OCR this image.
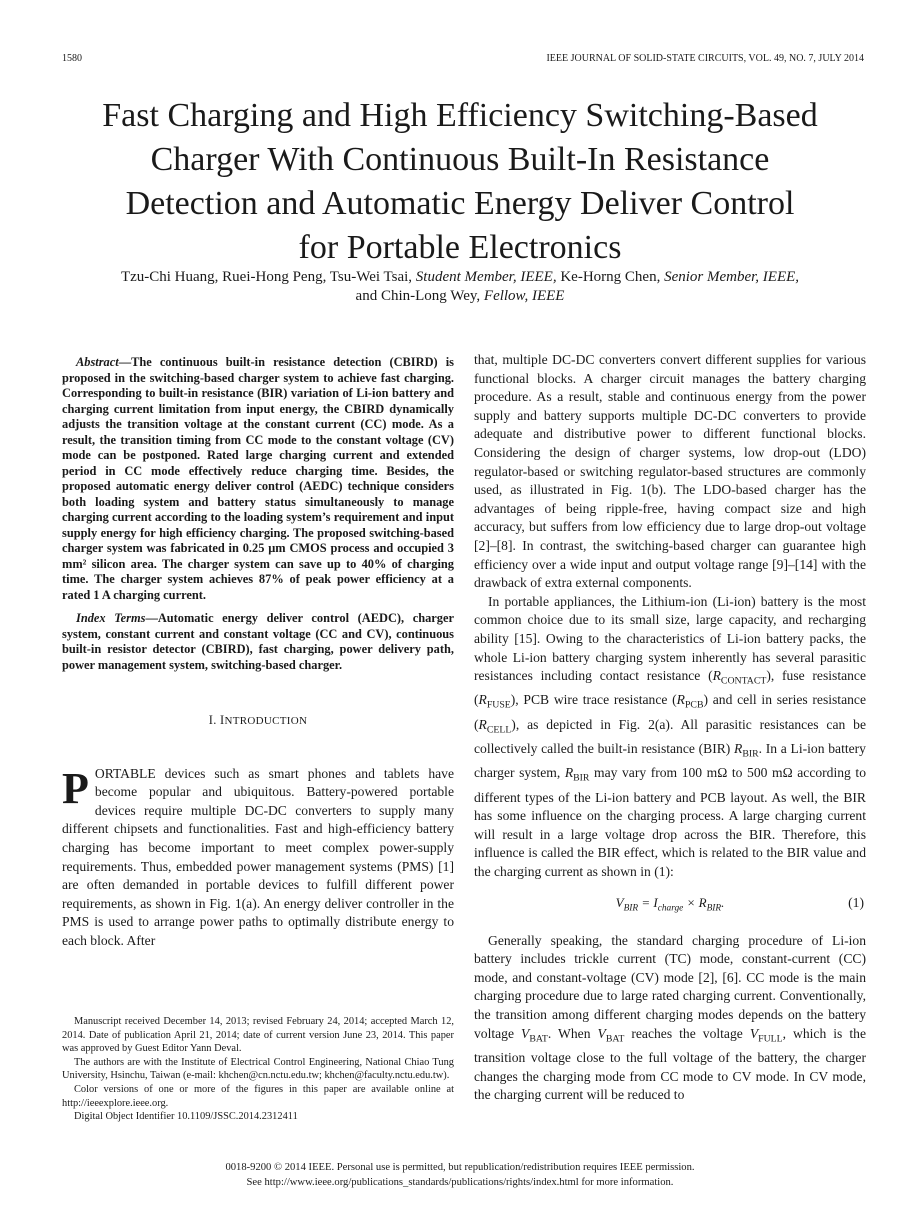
1580	IEEE JOURNAL OF SOLID-STATE CIRCUITS, VOL. 49, NO. 7, JULY 2014
Fast Charging and High Efficiency Switching-Based
Charger With Continuous Built-In Resistance
Detection and Automatic Energy Deliver Control
for Portable Electronics
Tzu-Chi Huang, Ruei-Hong Peng, Tsu-Wei Tsai, Student Member, IEEE, Ke-Horng Chen, Senior Member, IEEE,
and Chin-Long Wey, Fellow, IEEE

Abstract—The continuous built-in resistance detection (CBIRD) is proposed in the switching-based charger system to achieve fast charging. Corresponding to built-in resistance (BIR) variation of Li-ion battery and charging current limitation from input energy, the CBIRD dynamically adjusts the transition voltage at the constant current (CC) mode. As a result, the transition timing from CC mode to the constant voltage (CV) mode can be postponed. Rated large charging current and extended period in CC mode effectively reduce charging time. Besides, the proposed automatic energy deliver control (AEDC) technique considers both loading system and battery status simultaneously to manage charging current according to the loading system’s requirement and input supply energy for high efficiency charging. The proposed switching-based charger system was fabricated in 0.25 μm CMOS process and occupied 3 mm² silicon area. The charger system can save up to 40% of charging time. The charger system achieves 87% of peak power efficiency at a rated 1 A charging current.

Index Terms—Automatic energy deliver control (AEDC), charger system, constant current and constant voltage (CC and CV), continuous built-in resistor detector (CBIRD), fast charging, power delivery path, power management system, switching-based charger.

I. INTRODUCTION

PORTABLE devices such as smart phones and tablets have become popular and ubiquitous. Battery-powered portable devices require multiple DC-DC converters to supply many different chipsets and functionalities. Fast and high-efficiency battery charging has become important to meet complex power-supply requirements. Thus, embedded power management systems (PMS) [1] are often demanded in portable devices to fulfill different power requirements, as shown in Fig. 1(a). An energy deliver controller in the PMS is used to arrange power paths to optimally distribute energy to each block. After

Manuscript received December 14, 2013; revised February 24, 2014; accepted March 12, 2014. Date of publication April 21, 2014; date of current version June 23, 2014. This paper was approved by Guest Editor Yann Deval.

The authors are with the Institute of Electrical Control Engineering, National Chiao Tung University, Hsinchu, Taiwan (e-mail: khchen@cn.nctu.edu.tw; khchen@faculty.nctu.edu.tw).

Color versions of one or more of the figures in this paper are available online at http://ieeexplore.ieee.org.

Digital Object Identifier 10.1109/JSSC.2014.2312411

that, multiple DC-DC converters convert different supplies for various functional blocks. A charger circuit manages the battery charging procedure. As a result, stable and continuous energy from the power supply and battery supports multiple DC-DC converters to provide adequate and distributive power to different functional blocks. Considering the design of charger systems, low drop-out (LDO) regulator-based or switching regulator-based structures are commonly used, as illustrated in Fig. 1(b). The LDO-based charger has the advantages of being ripple-free, having compact size and high accuracy, but suffers from low efficiency due to large drop-out voltage [2]–[8]. In contrast, the switching-based charger can guarantee high efficiency over a wide input and output voltage range [9]–[14] with the drawback of extra external components.

In portable appliances, the Lithium-ion (Li-ion) battery is the most common choice due to its small size, large capacity, and recharging ability [15]. Owing to the characteristics of Li-ion battery packs, the whole Li-ion battery charging system inherently has several parasitic resistances including contact resistance $(R_{CONTACT})$, fuse resistance $(R_{FUSE})$, PCB wire trace resistance $(R_{PCB})$ and cell in series resistance $(R_{CELL})$, as depicted in Fig. 2(a). All parasitic resistances can be collectively called the built-in resistance (BIR) $R_{BIR}$. In a Li-ion battery charger system, $R_{BIR}$ may vary from 100 mΩ to 500 mΩ according to different types of the Li-ion battery and PCB layout. As well, the BIR has some influence on the charging process. A large charging current will result in a large voltage drop across the BIR. Therefore, this influence is called the BIR effect, which is related to the BIR value and the charging current as shown in (1):

$V_{BIR} = I_{charge} \times R_{BIR}$.	(1)

Generally speaking, the standard charging procedure of Li-ion battery includes trickle current (TC) mode, constant-current (CC) mode, and constant-voltage (CV) mode [2], [6]. CC mode is the main charging procedure due to large rated charging current. Conventionally, the transition among different charging modes depends on the battery voltage $V_{BAT}$. When $V_{BAT}$ reaches the voltage $V_{FULL}$, which is the transition voltage close to the full voltage of the battery, the charger changes the charging mode from CC mode to CV mode. In CV mode, the charging current will be reduced to

0018-9200 © 2014 IEEE. Personal use is permitted, but republication/redistribution requires IEEE permission.
See http://www.ieee.org/publications_standards/publications/rights/index.html for more information.
